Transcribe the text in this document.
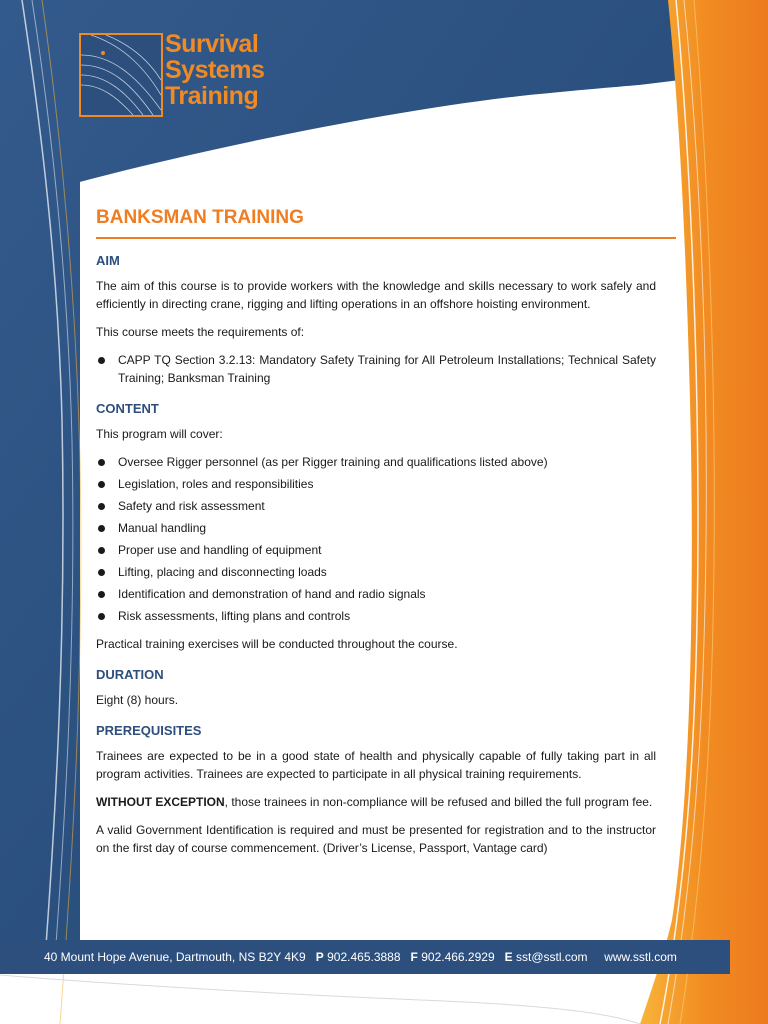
Survival
Systems
Training
BANKSMAN TRAINING
AIM

The aim of this course is to provide workers with the knowledge and skills necessary to work safely and efficiently in directing crane, rigging and lifting operations in an offshore hoisting environment.

This course meets the requirements of:

CAPP TQ Section 3.2.13: Mandatory Safety Training for All Petroleum Installations; Technical Safety Training; Banksman Training
CONTENT

This program will cover:

Oversee Rigger personnel (as per Rigger training and qualifications listed above)
Legislation, roles and responsibilities
Safety and risk assessment
Manual handling
Proper use and handling of equipment
Lifting, placing and disconnecting loads
Identification and demonstration of hand and radio signals
Risk assessments, lifting plans and controls

Practical training exercises will be conducted throughout the course.

DURATION

Eight (8) hours.

PREREQUISITES

Trainees are expected to be in a good state of health and physically capable of fully taking part in all program activities. Trainees are expected to participate in all physical training requirements.

WITHOUT EXCEPTION, those trainees in non-compliance will be refused and billed the full program fee.

A valid Government Identification is required and must be presented for registration and to the instructor on the first day of course commencement. (Driver’s License, Passport, Vantage card)

40 Mount Hope Avenue, Dartmouth, NS B2Y 4K9 P 902.465.3888 F 902.466.2929 E sst@sstl.com www.sstl.com
